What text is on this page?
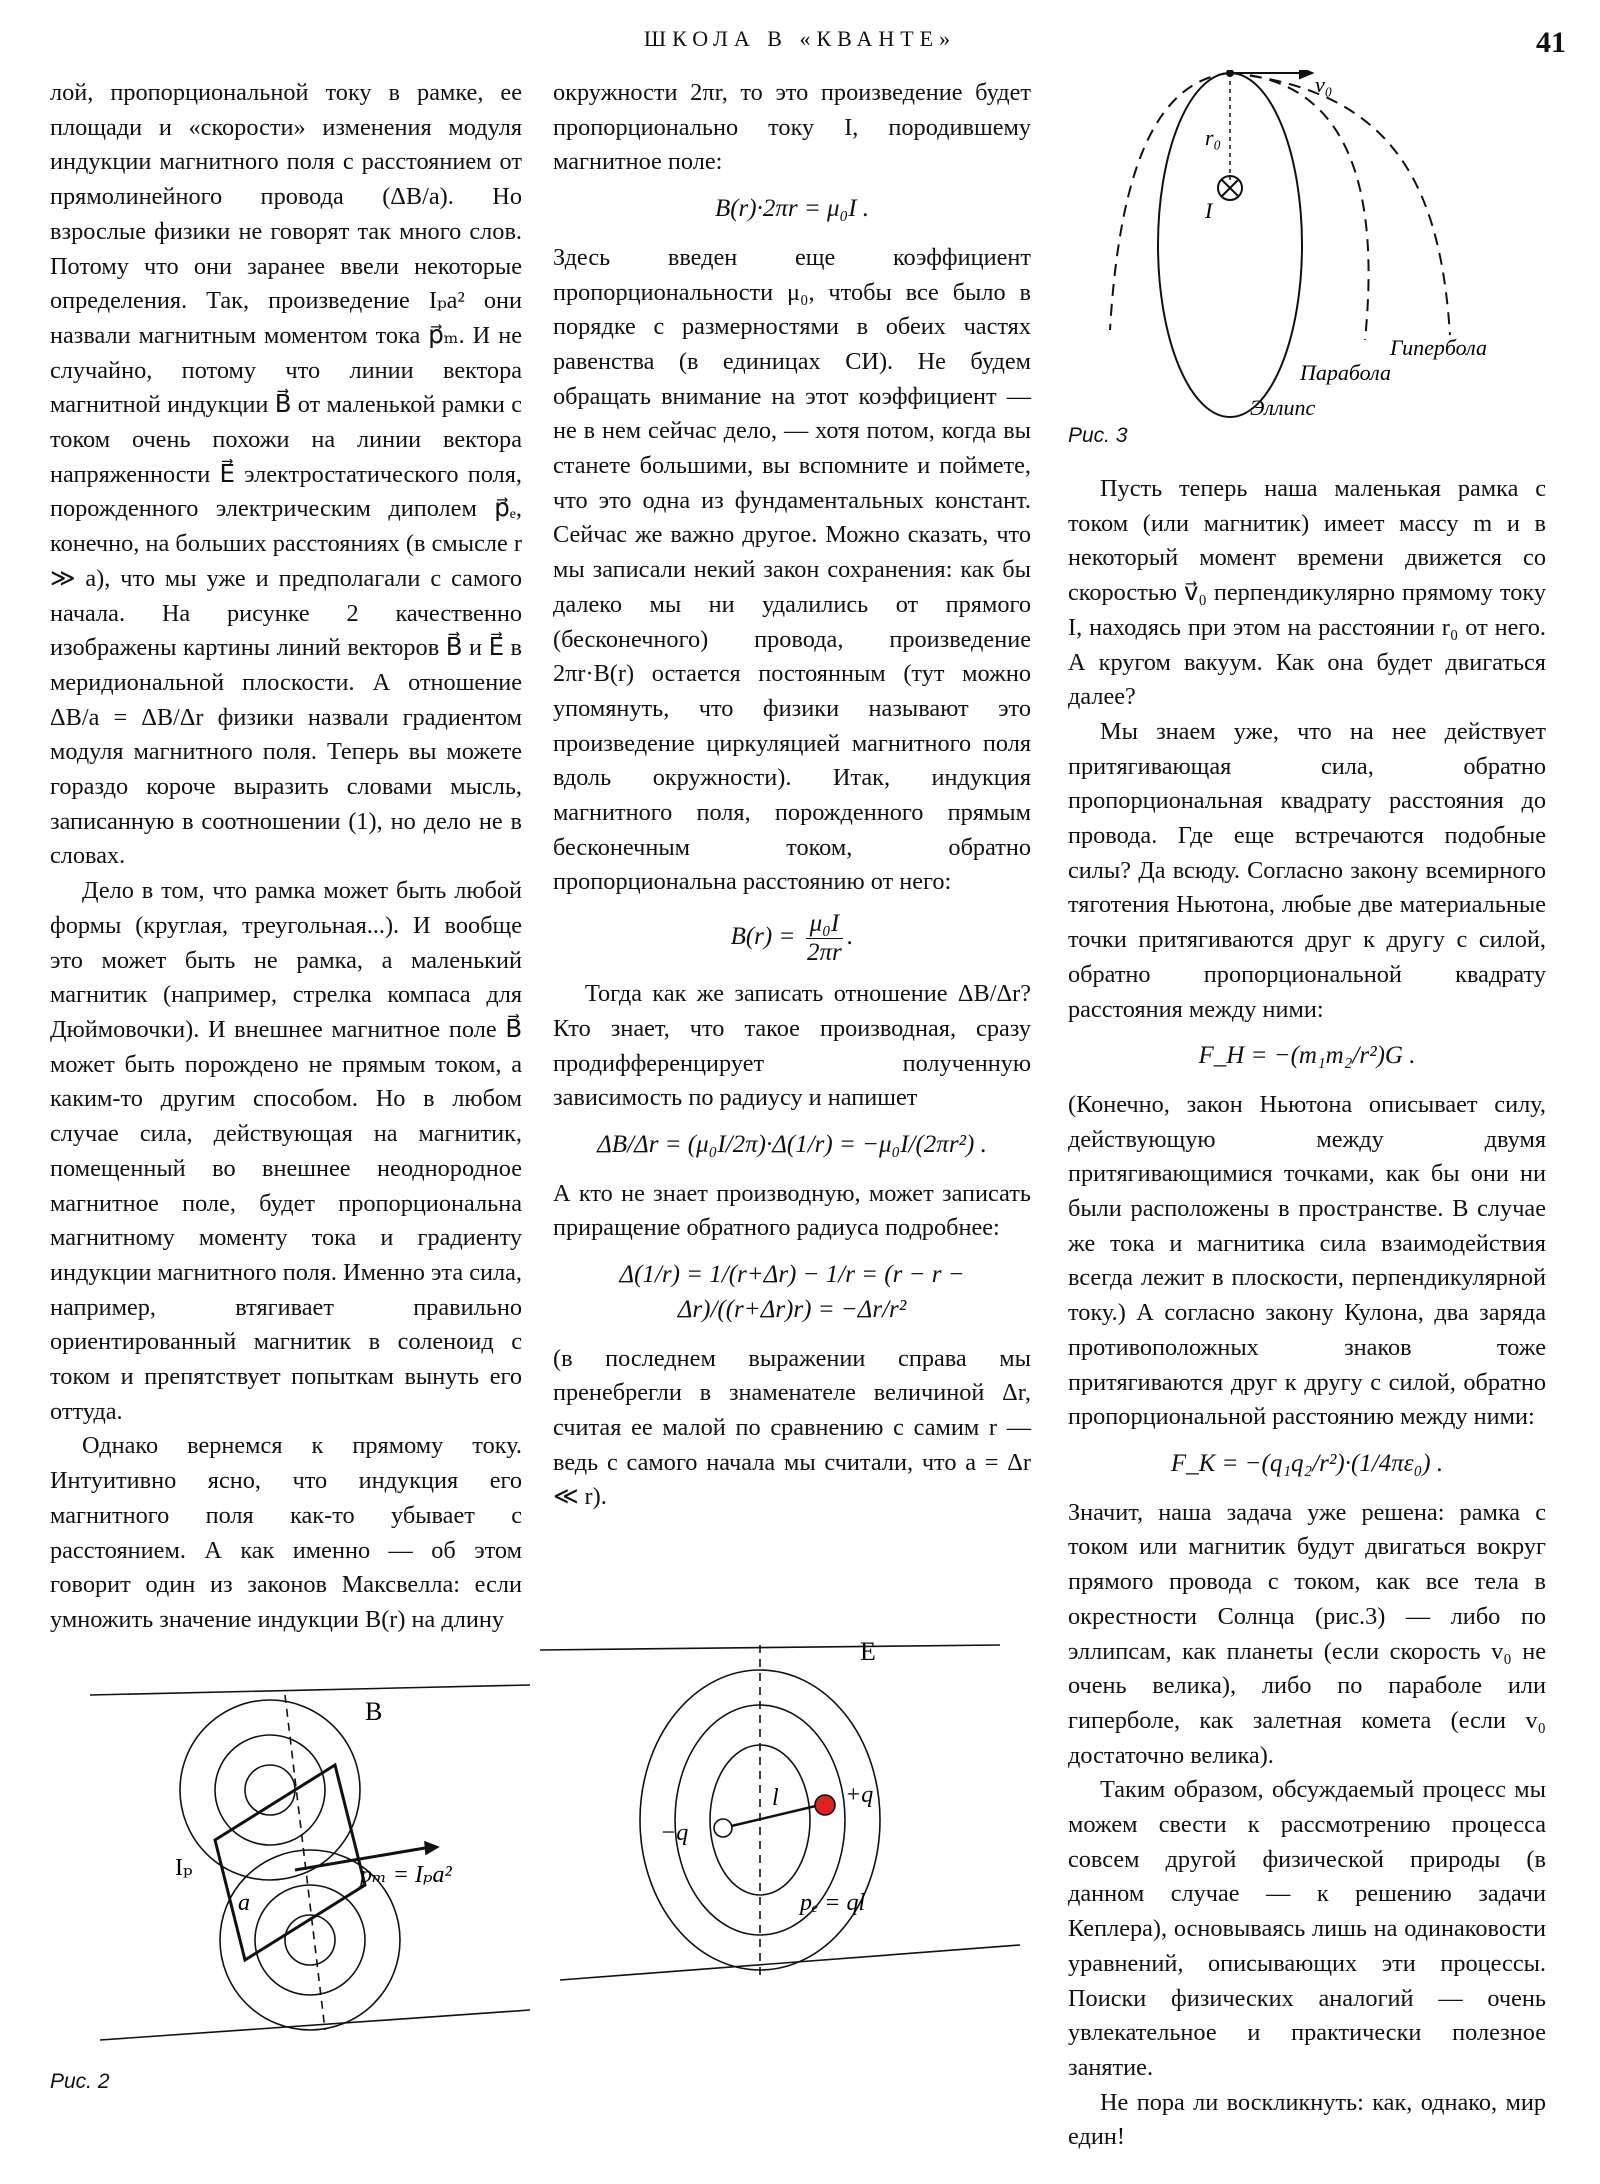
ШКОЛА В «КВАНТЕ»	41

лой, пропорциональной току в рамке, ее площади и «скорости» изменения модуля индукции магнитного поля с расстоянием от прямолинейного провода (ΔB/a). Но взрослые физики не говорят так много слов. Потому что они заранее ввели некоторые определения. Так, произведение Iₚa² они назвали магнитным моментом тока p⃗ₘ. И не случайно, потому что линии вектора магнитной индукции B⃗ от маленькой рамки с током очень похожи на линии вектора напряженности E⃗ электростатического поля, порожденного электрическим диполем p⃗ₑ, конечно, на больших расстояниях (в смысле r ≫ a), что мы уже и предполагали с самого начала. На рисунке 2 качественно изображены картины линий векторов B⃗ и E⃗ в меридиональной плоскости. А отношение ΔB/a = ΔB/Δr физики назвали градиентом модуля магнитного поля. Теперь вы можете гораздо короче выразить словами мысль, записанную в соотношении (1), но дело не в словах.

Дело в том, что рамка может быть любой формы (круглая, треугольная...). И вообще это может быть не рамка, а маленький магнитик (например, стрелка компаса для Дюймовочки). И внешнее магнитное поле B⃗ может быть порождено не прямым током, а каким-то другим способом. Но в любом случае сила, действующая на магнитик, помещенный во внешнее неоднородное магнитное поле, будет пропорциональна магнитному моменту тока и градиенту индукции магнитного поля. Именно эта сила, например, втягивает правильно ориентированный магнитик в соленоид с током и препятствует попыткам вынуть его оттуда.

Однако вернемся к прямому току. Интуитивно ясно, что индукция его магнитного поля как-то убывает с расстоянием. А как именно — об этом говорит один из законов Максвелла: если умножить значение индукции B(r) на длину

окружности 2πr, то это произведение будет пропорционально току I, породившему магнитное поле:

B(r)·2πr = μ₀I .

Здесь введен еще коэффициент пропорциональности μ₀, чтобы все было в порядке с размерностями в обеих частях равенства (в единицах СИ). Не будем обращать внимание на этот коэффициент — не в нем сейчас дело, — хотя потом, когда вы станете большими, вы вспомните и поймете, что это одна из фундаментальных констант. Сейчас же важно другое. Можно сказать, что мы записали некий закон сохранения: как бы далеко мы ни удалились от прямого (бесконечного) провода, произведение 2πr·B(r) остается постоянным (тут можно упомянуть, что физики называют это произведение циркуляцией магнитного поля вдоль окружности). Итак, индукция магнитного поля, порожденного прямым бесконечным током, обратно пропорциональна расстоянию от него:

$B(r) = \frac{\text{μ₀I}}{2\pi r}$ .

Тогда как же записать отношение ΔB/Δr? Кто знает, что такое производная, сразу продифференцирует полученную зависимость по радиусу и напишет

ΔB/Δr = (μ₀I/2π)·Δ(1/r) = −μ₀I/(2πr²) .

А кто не знает производную, может записать приращение обратного радиуса подробнее:

Δ(1/r) = 1/(r+Δr) − 1/r = (r − r − Δr)/((r+Δr)r) = −Δr/r²

(в последнем выражении справа мы пренебрегли в знаменателе величиной Δr, считая ее малой по сравнению с самим r — ведь с самого начала мы считали, что a = Δr ≪ r).

v₀
r₀
I
Гипербола
Парабола
Эллипс
Рис. 3

Пусть теперь наша маленькая рамка с током (или магнитик) имеет массу m и в некоторый момент времени движется со скоростью v⃗₀ перпендикулярно прямому току I, находясь при этом на расстоянии r₀ от него. А кругом вакуум. Как она будет двигаться далее?

Мы знаем уже, что на нее действует притягивающая сила, обратно пропорциональная квадрату расстояния до провода. Где еще встречаются подобные силы? Да всюду. Согласно закону всемирного тяготения Ньютона, любые две материальные точки притягиваются друг к другу с силой, обратно пропорциональной квадрату расстояния между ними:

F_Н = −(m₁m₂/r²)G .

(Конечно, закон Ньютона описывает силу, действующую между двумя притягивающимися точками, как бы они ни были расположены в пространстве. В случае же тока и магнитика сила взаимодействия всегда лежит в плоскости, перпендикулярной току.) А согласно закону Кулона, два заряда противоположных знаков тоже притягиваются друг к другу с силой, обратно пропорциональной расстоянию между ними:

F_К = −(q₁q₂/r²)·(1/4πε₀) .

Значит, наша задача уже решена: рамка с током или магнитик будут двигаться вокруг прямого провода с током, как все тела в окрестности Солнца (рис.3) — либо по эллипсам, как планеты (если скорость v₀ не очень велика), либо по параболе или гиперболе, как залетная комета (если v₀ достаточно велика).

Таким образом, обсуждаемый процесс мы можем свести к рассмотрению процесса совсем другой физической природы (в данном случае — к решению задачи Кеплера), основываясь лишь на одинаковости уравнений, описывающих эти процессы. Поиски физических аналогий — очень увлекательное и практически полезное занятие.

Не пора ли воскликнуть: как, однако, мир един!

B
Iₚ
a
pₘ = Iₚa²
E
−q
+q
l
pₑ = ql
Рис. 2
